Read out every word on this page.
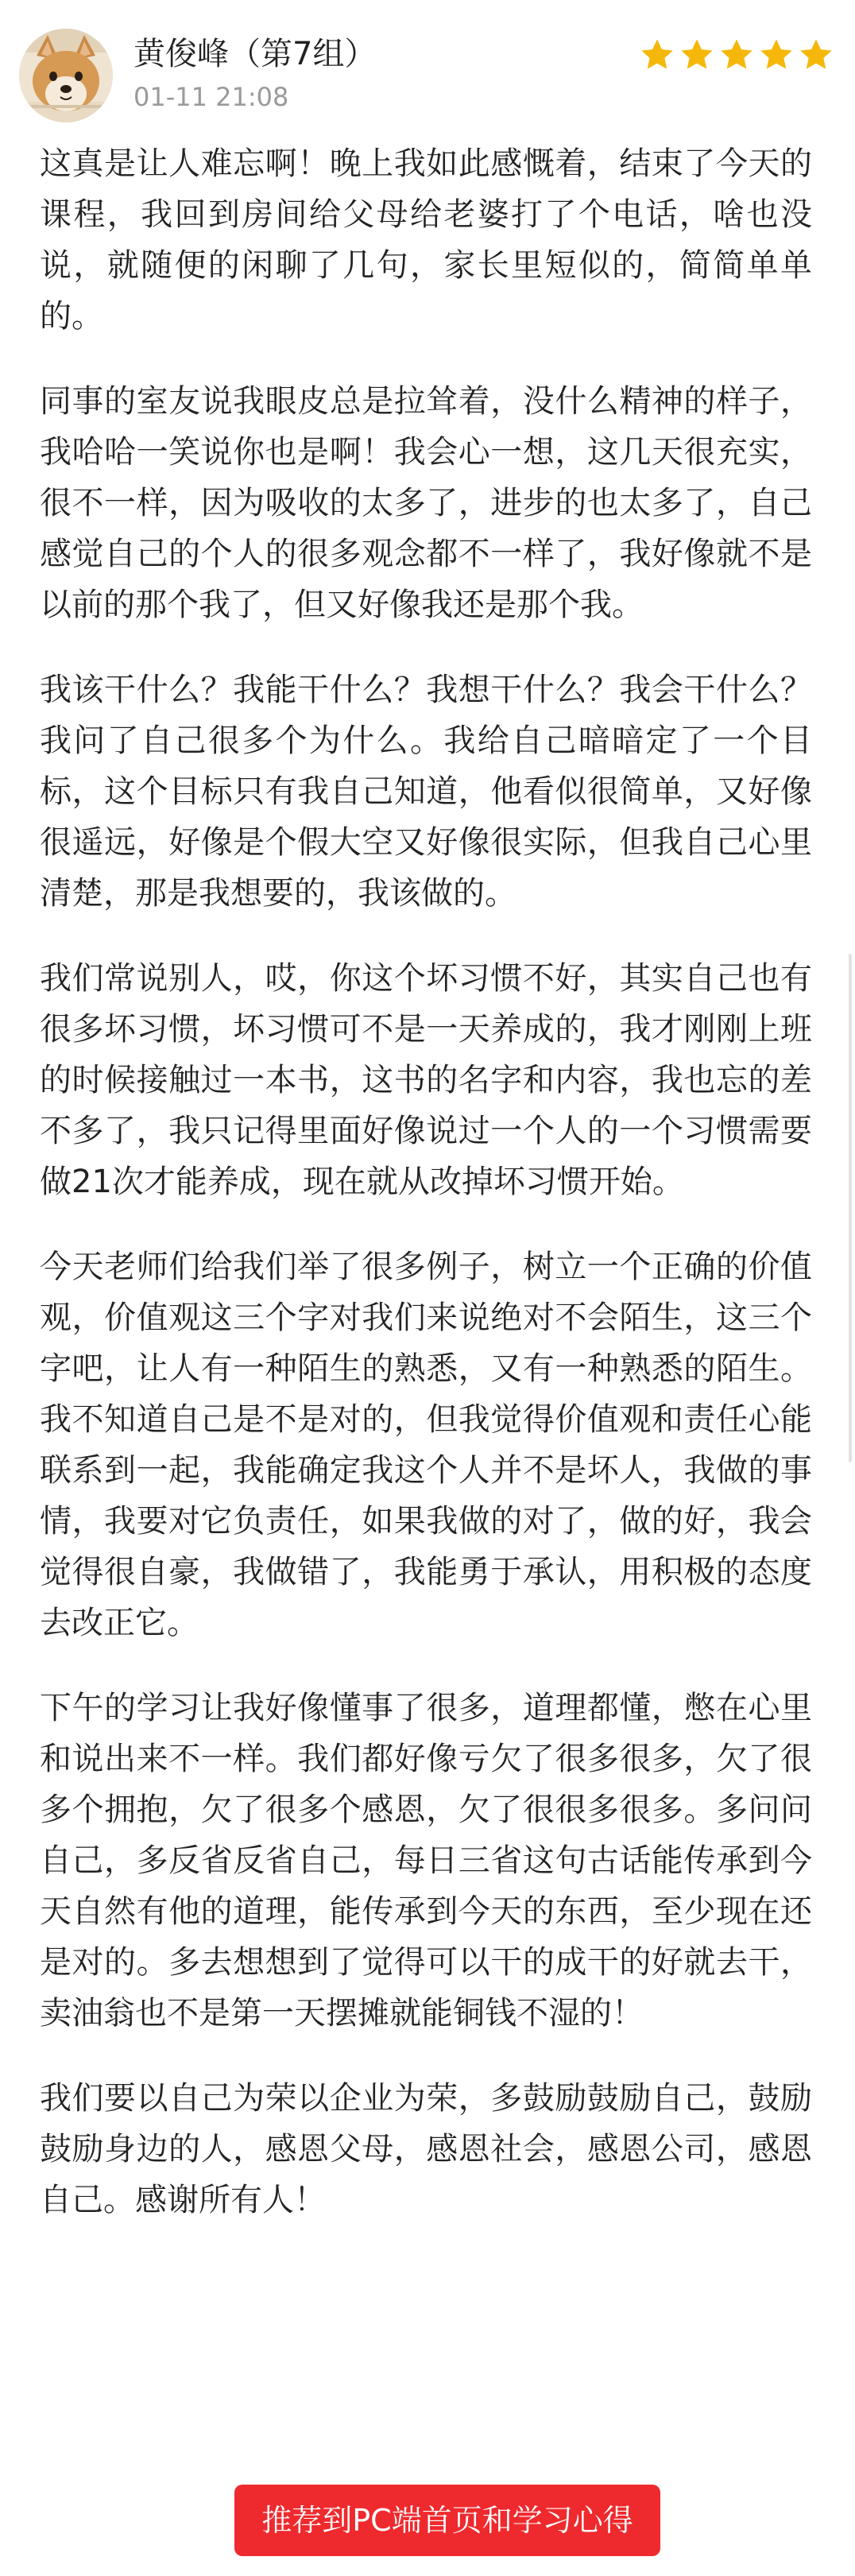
黄俊峰（第7组）
01-11 21:08

这真是让人难忘啊！晚上我如此感慨着，结束了今天的课程，我回到房间给父母给老婆打了个电话，啥也没说，就随便的闲聊了几句，家长里短似的，简简单单的。

同事的室友说我眼皮总是拉耸着，没什么精神的样子，我哈哈一笑说你也是啊！我会心一想，这几天很充实，很不一样，因为吸收的太多了，进步的也太多了，自己感觉自己的个人的很多观念都不一样了，我好像就不是以前的那个我了，但又好像我还是那个我。

我该干什么？我能干什么？我想干什么？我会干什么？我问了自己很多个为什么。我给自己暗暗定了一个目标，这个目标只有我自己知道，他看似很简单，又好像很遥远，好像是个假大空又好像很实际，但我自己心里清楚，那是我想要的，我该做的。

我们常说别人，哎，你这个坏习惯不好，其实自己也有很多坏习惯，坏习惯可不是一天养成的，我才刚刚上班的时候接触过一本书，这书的名字和内容，我也忘的差不多了，我只记得里面好像说过一个人的一个习惯需要做21次才能养成，现在就从改掉坏习惯开始。

今天老师们给我们举了很多例子，树立一个正确的价值观，价值观这三个字对我们来说绝对不会陌生，这三个字吧，让人有一种陌生的熟悉，又有一种熟悉的陌生。我不知道自己是不是对的，但我觉得价值观和责任心能联系到一起，我能确定我这个人并不是坏人，我做的事情，我要对它负责任，如果我做的对了，做的好，我会觉得很自豪，我做错了，我能勇于承认，用积极的态度去改正它。

下午的学习让我好像懂事了很多，道理都懂，憋在心里和说出来不一样。我们都好像亏欠了很多很多，欠了很多个拥抱，欠了很多个感恩，欠了很很多很多。多问问自己，多反省反省自己，每日三省这句古话能传承到今天自然有他的道理，能传承到今天的东西，至少现在还是对的。多去想想到了觉得可以干的成干的好就去干，卖油翁也不是第一天摆摊就能铜钱不湿的！

我们要以自己为荣以企业为荣，多鼓励鼓励自己，鼓励鼓励身边的人，感恩父母，感恩社会，感恩公司，感恩自己。感谢所有人！

推荐到PC端首页和学习心得
